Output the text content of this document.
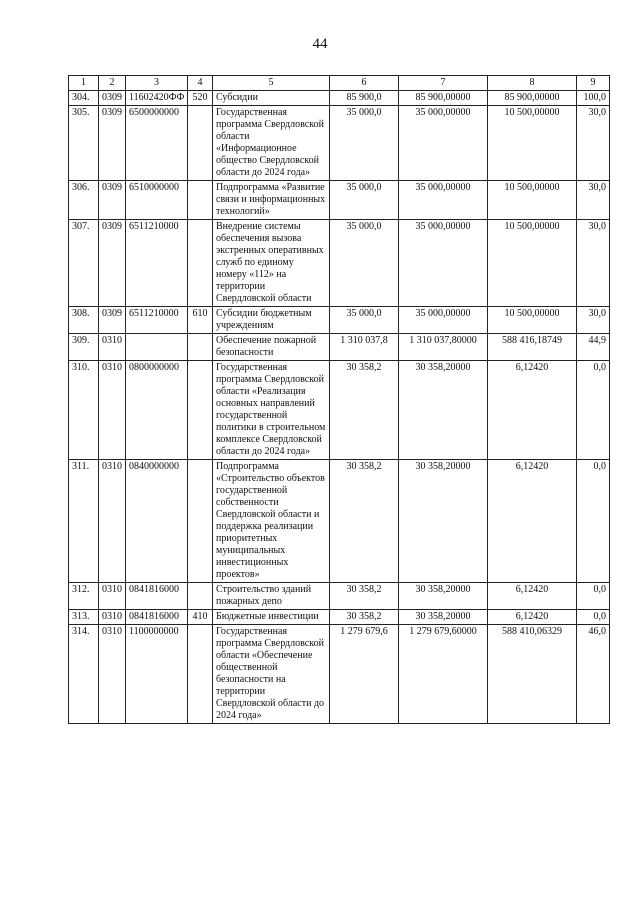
44
1	2	3	4	5	6	7	8	9
304.	0309	11602420ФФ	520	Субсидии	85 900,0	85 900,00000	85 900,00000	100,0
305.	0309	6500000000		Государственная программа Свердловской области «Информационное общество Свердловской области до 2024 года»	35 000,0	35 000,00000	10 500,00000	30,0
306.	0309	6510000000		Подпрограмма «Развитие связи и информационных технологий»	35 000,0	35 000,00000	10 500,00000	30,0
307.	0309	6511210000		Внедрение системы обеспечения вызова экстренных оперативных служб по единому номеру «112» на территории Свердловской области	35 000,0	35 000,00000	10 500,00000	30,0
308.	0309	6511210000	610	Субсидии бюджетным учреждениям	35 000,0	35 000,00000	10 500,00000	30,0
309.	0310			Обеспечение пожарной безопасности	1 310 037,8	1 310 037,80000	588 416,18749	44,9
310.	0310	0800000000		Государственная программа Свердловской области «Реализация основных направлений государственной политики в строительном комплексе Свердловской области до 2024 года»	30 358,2	30 358,20000	6,12420	0,0
311.	0310	0840000000		Подпрограмма «Строительство объектов государственной собственности Свердловской области и поддержка реализации приоритетных муниципальных инвестиционных проектов»	30 358,2	30 358,20000	6,12420	0,0
312.	0310	0841816000		Строительство зданий пожарных депо	30 358,2	30 358,20000	6,12420	0,0
313.	0310	0841816000	410	Бюджетные инвестиции	30 358,2	30 358,20000	6,12420	0,0
314.	0310	1100000000		Государственная программа Свердловской области «Обеспечение общественной безопасности на территории Свердловской области до 2024 года»	1 279 679,6	1 279 679,60000	588 410,06329	46,0
